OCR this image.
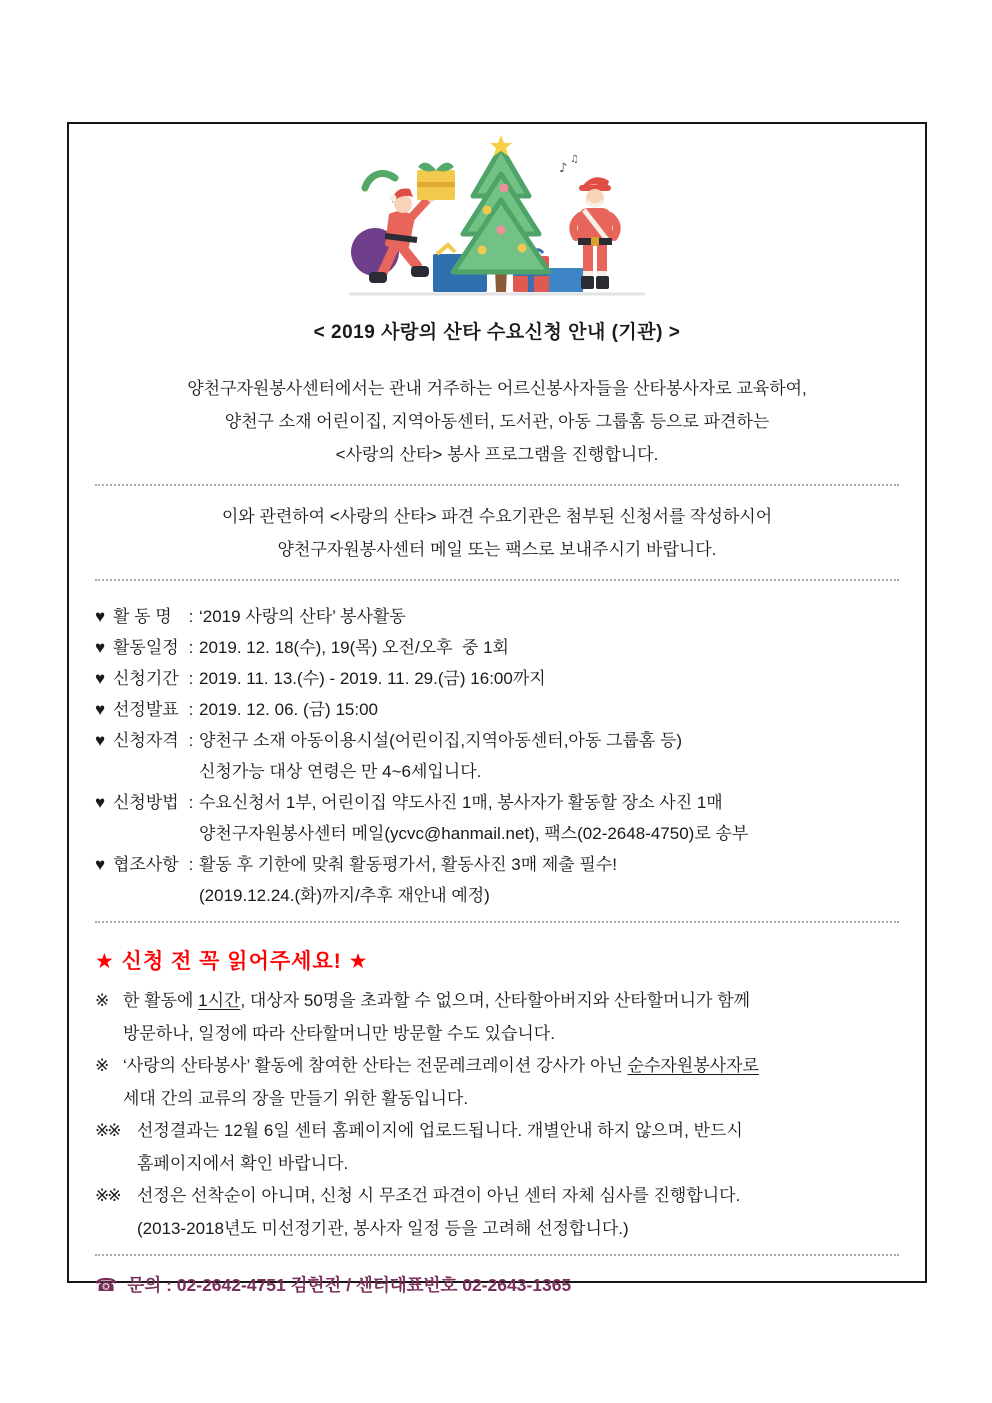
♪
♫
< 2019 사랑의 산타 수요신청 안내 (기관) >
양천구자원봉사센터에서는 관내 거주하는 어르신봉사자들을 산타봉사자로 교육하여,
양천구 소재 어린이집, 지역아동센터, 도서관, 아동 그룹홈 등으로 파견하는
<사랑의 산타> 봉사 프로그램을 진행합니다.
이와 관련하여 <사랑의 산타> 파견 수요기관은 첨부된 신청서를 작성하시어
양천구자원봉사센터 메일 또는 팩스로 보내주시기 바랍니다.
♥ 활 동 명 : ‘2019 사랑의 산타’ 봉사활동
♥ 활동일정 : 2019. 12. 18(수), 19(목) 오전/오후  중 1회
♥ 신청기간 : 2019. 11. 13.(수) - 2019. 11. 29.(금) 16:00까지
♥ 선정발표 : 2019. 12. 06. (금) 15:00
♥ 신청자격 : 양천구 소재 아동이용시설(어린이집,지역아동센터,아동 그룹홈 등)
신청가능 대상 연령은 만 4~6세입니다.
♥ 신청방법 : 수요신청서 1부, 어린이집 약도사진 1매, 봉사자가 활동할 장소 사진 1매
양천구자원봉사센터 메일(ycvc@hanmail.net), 팩스(02-2648-4750)로 송부
♥ 협조사항 : 활동 후 기한에 맞춰 활동평가서, 활동사진 3매 제출 필수!
(2019.12.24.(화)까지/추후 재안내 예정)
★ 신청 전 꼭 읽어주세요! ★
※ 한 활동에 1시간, 대상자 50명을 초과할 수 없으며, 산타할아버지와 산타할머니가 함께
방문하나, 일정에 따라 산타할머니만 방문할 수도 있습니다.
※ ‘사랑의 산타봉사’ 활동에 참여한 산타는 전문레크레이션 강사가 아닌 순수자원봉사자로
세대 간의 교류의 장을 만들기 위한 활동입니다.
※※	선정결과는 12월 6일 센터 홈페이지에 업로드됩니다. 개별안내 하지 않으며, 반드시
홈페이지에서 확인 바랍니다.
※※	선정은 선착순이 아니며, 신청 시 무조건 파견이 아닌 센터 자체 심사를 진행합니다.
(2013-2018년도 미선정기관, 봉사자 일정 등을 고려해 선정합니다.)
☎ 문의 : 02-2642-4751 김현진 / 센터대표번호 02-2643-1365
